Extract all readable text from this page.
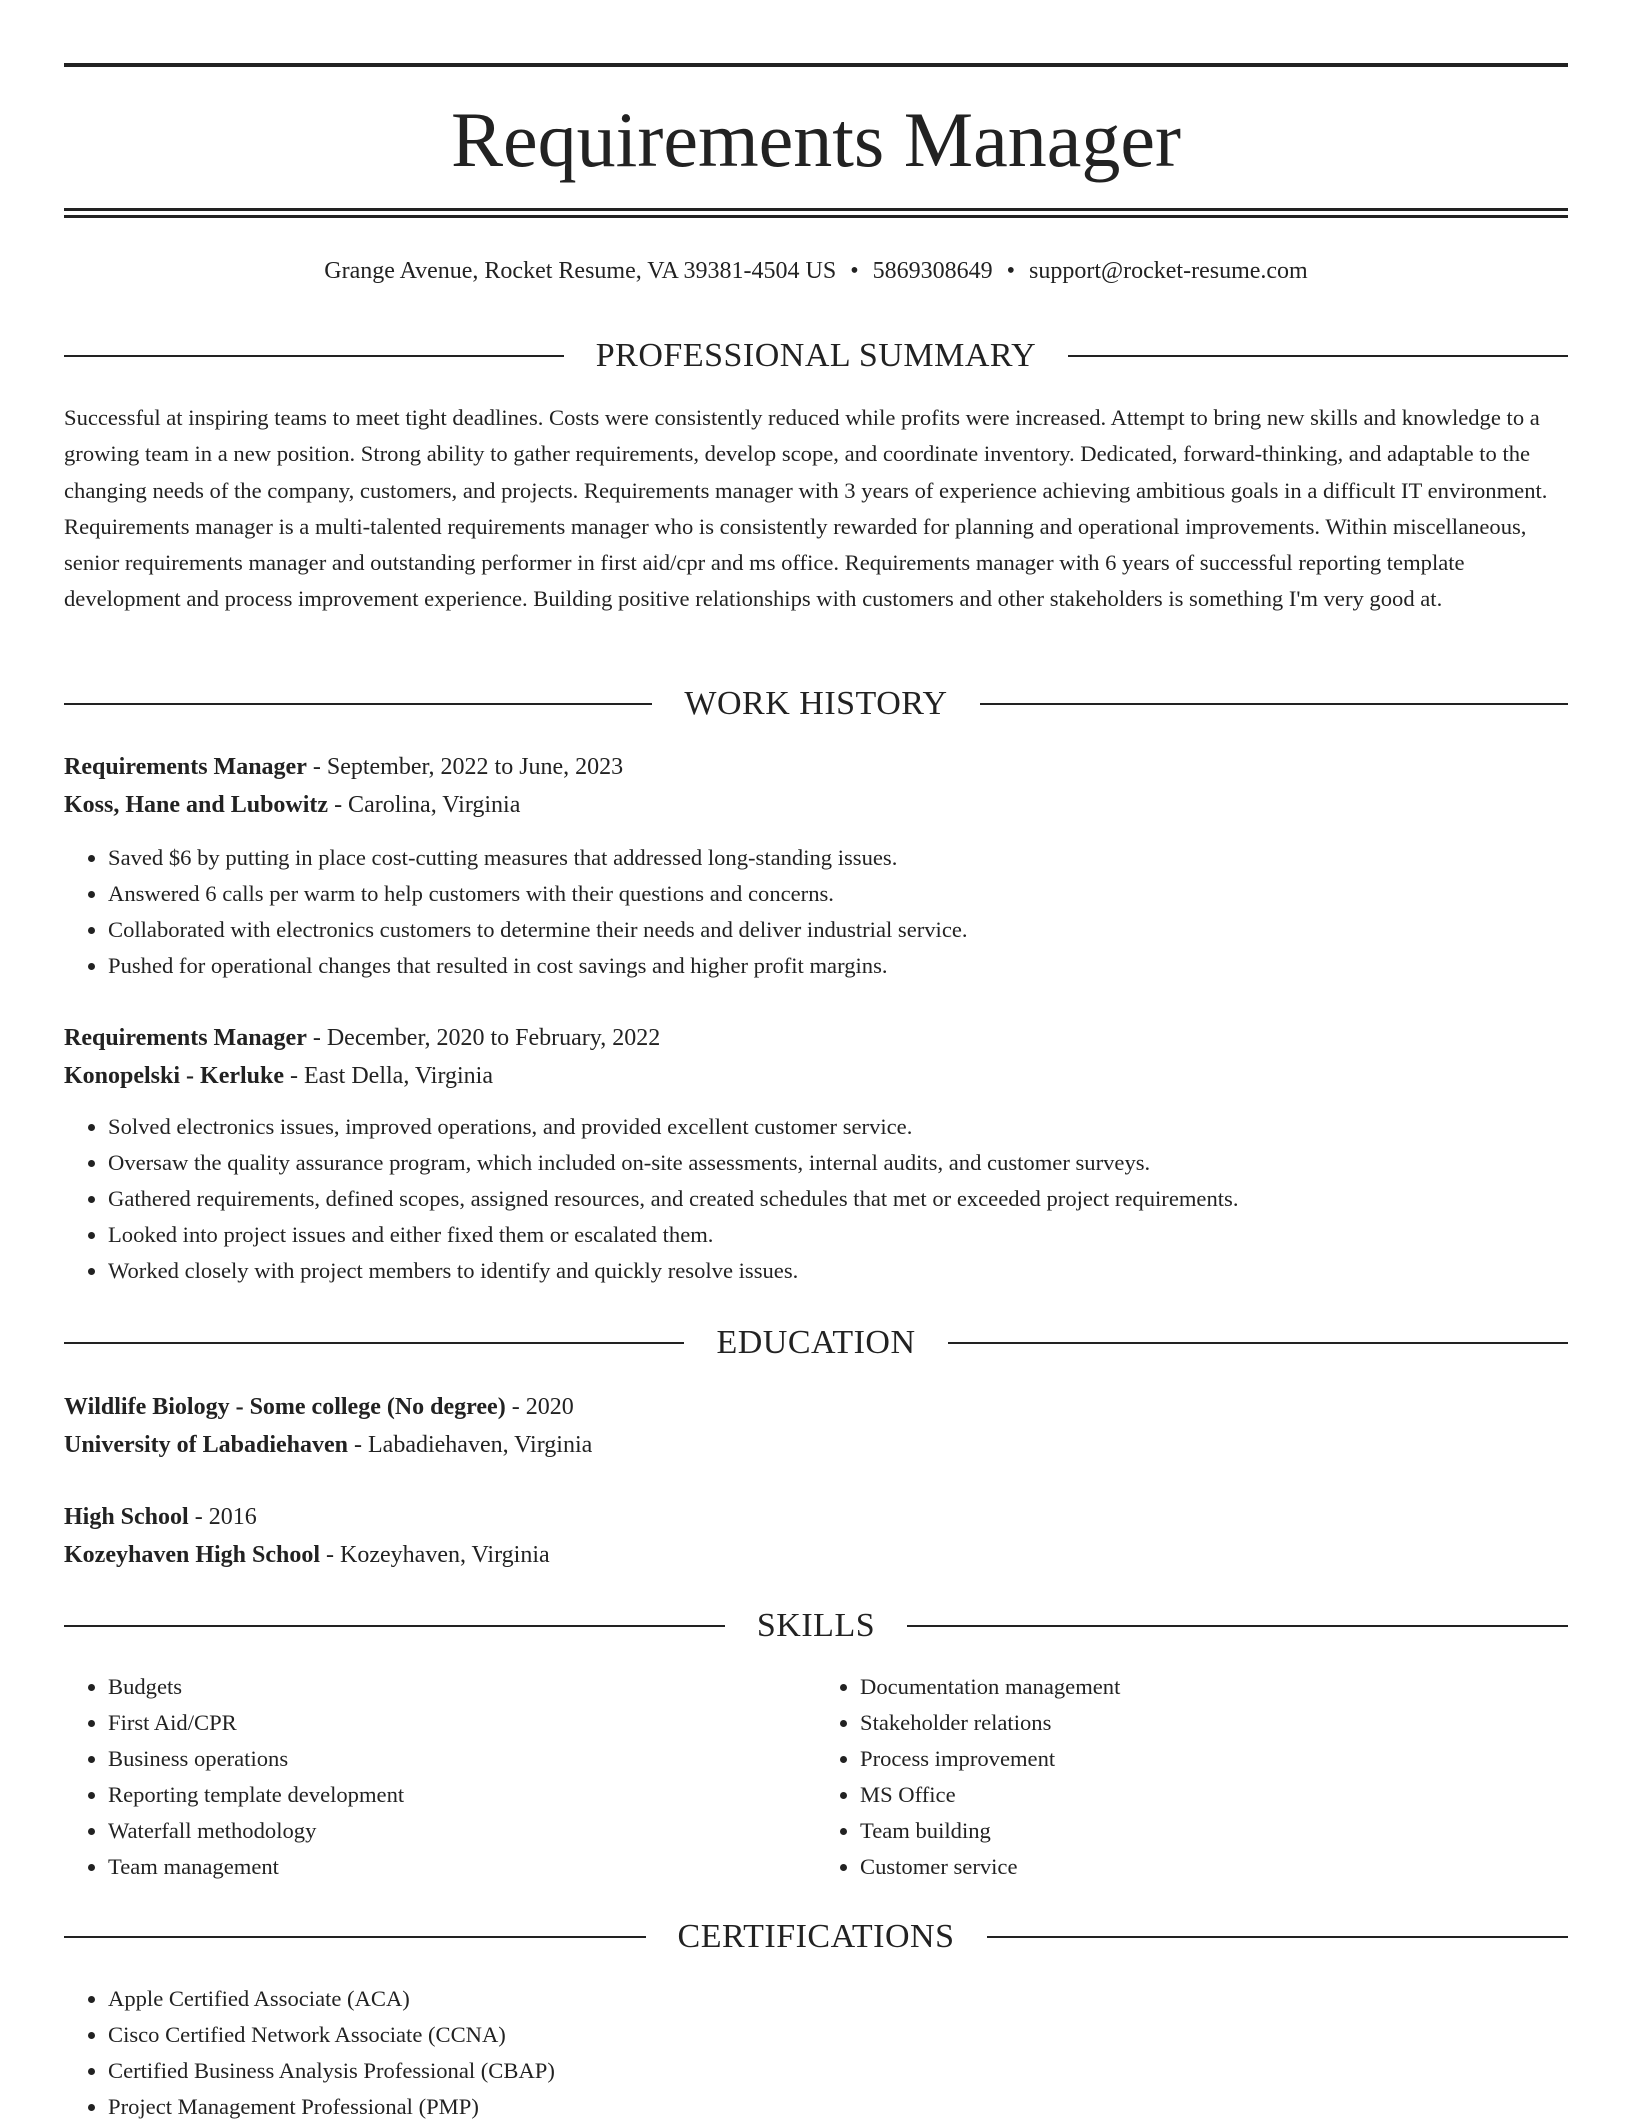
Requirements Manager
Grange Avenue, Rocket Resume, VA 39381-4504 US • 5869308649 • support@rocket-resume.com
PROFESSIONAL SUMMARY

Successful at inspiring teams to meet tight deadlines. Costs were consistently reduced while profits were increased. Attempt to bring new skills and knowledge to a growing team in a new position. Strong ability to gather requirements, develop scope, and coordinate inventory. Dedicated, forward-thinking, and adaptable to the changing needs of the company, customers, and projects. Requirements manager with 3 years of experience achieving ambitious goals in a difficult IT environment. Requirements manager is a multi-talented requirements manager who is consistently rewarded for planning and operational improvements. Within miscellaneous, senior requirements manager and outstanding performer in first aid/cpr and ms office. Requirements manager with 6 years of successful reporting template development and process improvement experience. Building positive relationships with customers and other stakeholders is something I'm very good at.

WORK HISTORY
Requirements Manager - September, 2022 to June, 2023
Koss, Hane and Lubowitz - Carolina, Virginia
• Saved $6 by putting in place cost-cutting measures that addressed long-standing issues.
• Answered 6 calls per warm to help customers with their questions and concerns.
• Collaborated with electronics customers to determine their needs and deliver industrial service.
• Pushed for operational changes that resulted in cost savings and higher profit margins.
Requirements Manager - December, 2020 to February, 2022
Konopelski - Kerluke - East Della, Virginia
• Solved electronics issues, improved operations, and provided excellent customer service.
• Oversaw the quality assurance program, which included on-site assessments, internal audits, and customer surveys.
• Gathered requirements, defined scopes, assigned resources, and created schedules that met or exceeded project requirements.
• Looked into project issues and either fixed them or escalated them.
• Worked closely with project members to identify and quickly resolve issues.
EDUCATION
Wildlife Biology - Some college (No degree) - 2020
University of Labadiehaven - Labadiehaven, Virginia
High School - 2016
Kozeyhaven High School - Kozeyhaven, Virginia
SKILLS
• Budgets
• First Aid/CPR
• Business operations
• Reporting template development
• Waterfall methodology
• Team management
• Documentation management
• Stakeholder relations
• Process improvement
• MS Office
• Team building
• Customer service
CERTIFICATIONS
• Apple Certified Associate (ACA)
• Cisco Certified Network Associate (CCNA)
• Certified Business Analysis Professional (CBAP)
• Project Management Professional (PMP)
